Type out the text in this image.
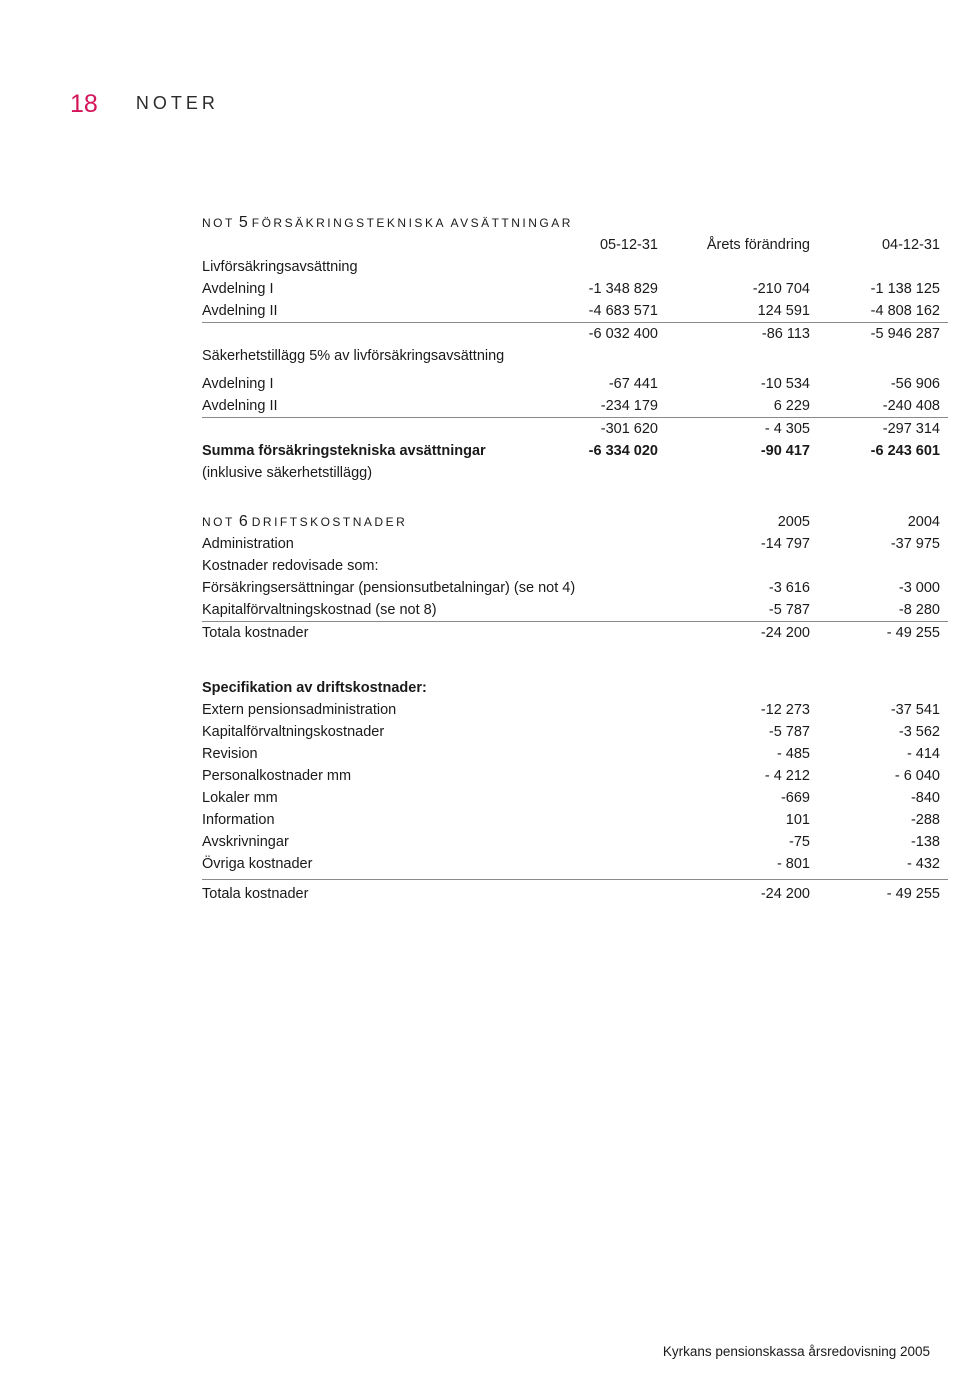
18 NOTER
NOT 5 FÖRSÄKRINGSTEKNISKA AVSÄTTNINGAR
05-12-31	Årets förändring	04-12-31
Livförsäkringsavsättning
Avdelning I	-1 348 829	-210 704	-1 138 125
Avdelning II	-4 683 571	124 591	-4 808 162
-6 032 400	-86 113	-5 946 287
Säkerhetstillägg 5% av livförsäkringsavsättning
Avdelning I	-67 441	-10 534	-56 906
Avdelning II	-234 179	6 229	-240 408
-301 620	- 4 305	-297 314
Summa försäkringstekniska avsättningar	-6 334 020	-90 417	-6 243 601
(inklusive säkerhetstillägg)
NOT 6 DRIFTSKOSTNADER	2005	2004
Administration	-14 797	-37 975
Kostnader redovisade som:
Försäkringsersättningar (pensionsutbetalningar) (se not 4)	-3 616	-3 000
Kapitalförvaltningskostnad (se not 8)	-5 787	-8 280
Totala kostnader	-24 200	- 49 255
Specifikation av driftskostnader:
Extern pensionsadministration	-12 273	-37 541
Kapitalförvaltningskostnader	-5 787	-3 562
Revision	- 485	- 414
Personalkostnader mm	- 4 212	- 6 040
Lokaler mm	-669	-840
Information	101	-288
Avskrivningar	-75	-138
Övriga kostnader	- 801	- 432
Totala kostnader	-24 200	- 49 255
Kyrkans pensionskassa årsredovisning 2005
